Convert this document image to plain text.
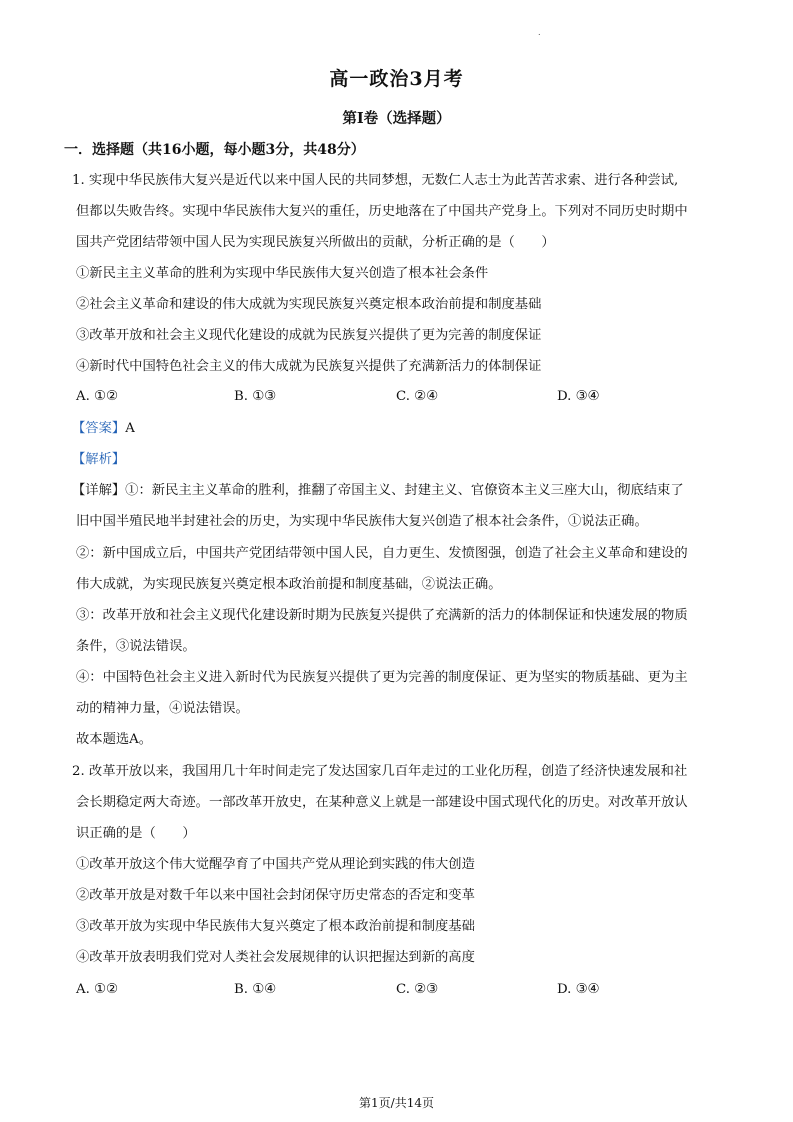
.
高一政治3月考
第I卷（选择题）
一．选择题（共16小题，每小题3分，共48分）
1. 实现中华民族伟大复兴是近代以来中国人民的共同梦想，无数仁人志士为此苦苦求索、进行各种尝试,
但都以失败告终。实现中华民族伟大复兴的重任，历史地落在了中国共产党身上。下列对不同历史时期中
国共产党团结带领中国人民为实现民族复兴所做出的贡献，分析正确的是（　　）
①新民主主义革命的胜利为实现中华民族伟大复兴创造了根本社会条件
②社会主义革命和建设的伟大成就为实现民族复兴奠定根本政治前提和制度基础
③改革开放和社会主义现代化建设的成就为民族复兴提供了更为完善的制度保证
④新时代中国特色社会主义的伟大成就为民族复兴提供了充满新活力的体制保证
A. ①②	B. ①③	C. ②④	D. ③④
【答案】A
【解析】
【详解】①：新民主主义革命的胜利，推翻了帝国主义、封建主义、官僚资本主义三座大山，彻底结束了
旧中国半殖民地半封建社会的历史，为实现中华民族伟大复兴创造了根本社会条件，①说法正确。
②：新中国成立后，中国共产党团结带领中国人民，自力更生、发愤图强，创造了社会主义革命和建设的
伟大成就，为实现民族复兴奠定根本政治前提和制度基础，②说法正确。
③：改革开放和社会主义现代化建设新时期为民族复兴提供了充满新的活力的体制保证和快速发展的物质
条件，③说法错误。
④：中国特色社会主义进入新时代为民族复兴提供了更为完善的制度保证、更为坚实的物质基础、更为主
动的精神力量，④说法错误。
故本题选A。
2. 改革开放以来，我国用几十年时间走完了发达国家几百年走过的工业化历程，创造了经济快速发展和社
会长期稳定两大奇迹。一部改革开放史，在某种意义上就是一部建设中国式现代化的历史。对改革开放认
识正确的是（　　）
①改革开放这个伟大觉醒孕育了中国共产党从理论到实践的伟大创造
②改革开放是对数千年以来中国社会封闭保守历史常态的否定和变革
③改革开放为实现中华民族伟大复兴奠定了根本政治前提和制度基础
④改革开放表明我们党对人类社会发展规律的认识把握达到新的高度
A. ①②	B. ①④	C. ②③	D. ③④
第1页/共14页
